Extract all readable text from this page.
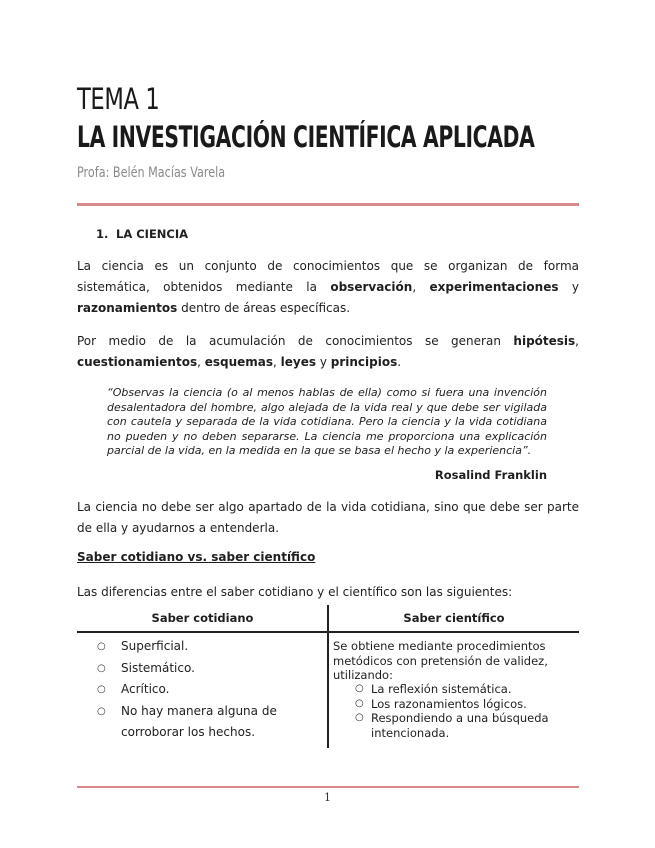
TEMA 1
LA INVESTIGACIÓN CIENTÍFICA APLICADA
Profa: Belén Macías Varela
1. LA CIENCIA

La ciencia es un conjunto de conocimientos que se organizan de forma sistemática, obtenidos mediante la observación, experimentaciones y razonamientos dentro de áreas específicas.

Por medio de la acumulación de conocimientos se generan hipótesis, cuestionamientos, esquemas, leyes y principios.

“Observas la ciencia (o al menos hablas de ella) como si fuera una invención desalentadora del hombre, algo alejada de la vida real y que debe ser vigilada con cautela y separada de la vida cotidiana. Pero la ciencia y la vida cotidiana no pueden y no deben separarse. La ciencia me proporciona una explicación parcial de la vida, en la medida en la que se basa el hecho y la experiencia”.

Rosalind Franklin

La ciencia no debe ser algo apartado de la vida cotidiana, sino que debe ser parte de ella y ayudarnos a entenderla.

Saber cotidiano vs. saber científico

Las diferencias entre el saber cotidiano y el científico son las siguientes:

Saber cotidiano	Saber científico
○ Superficial.
○ Sistemático.
○ Acrítico.
○ No hay manera alguna de corroborar los hechos.

Se obtiene mediante procedimientos metódicos con pretensión de validez, utilizando:

○ La reflexión sistemática.
○ Los razonamientos lógicos.
○ Respondiendo a una búsqueda intencionada.
1
